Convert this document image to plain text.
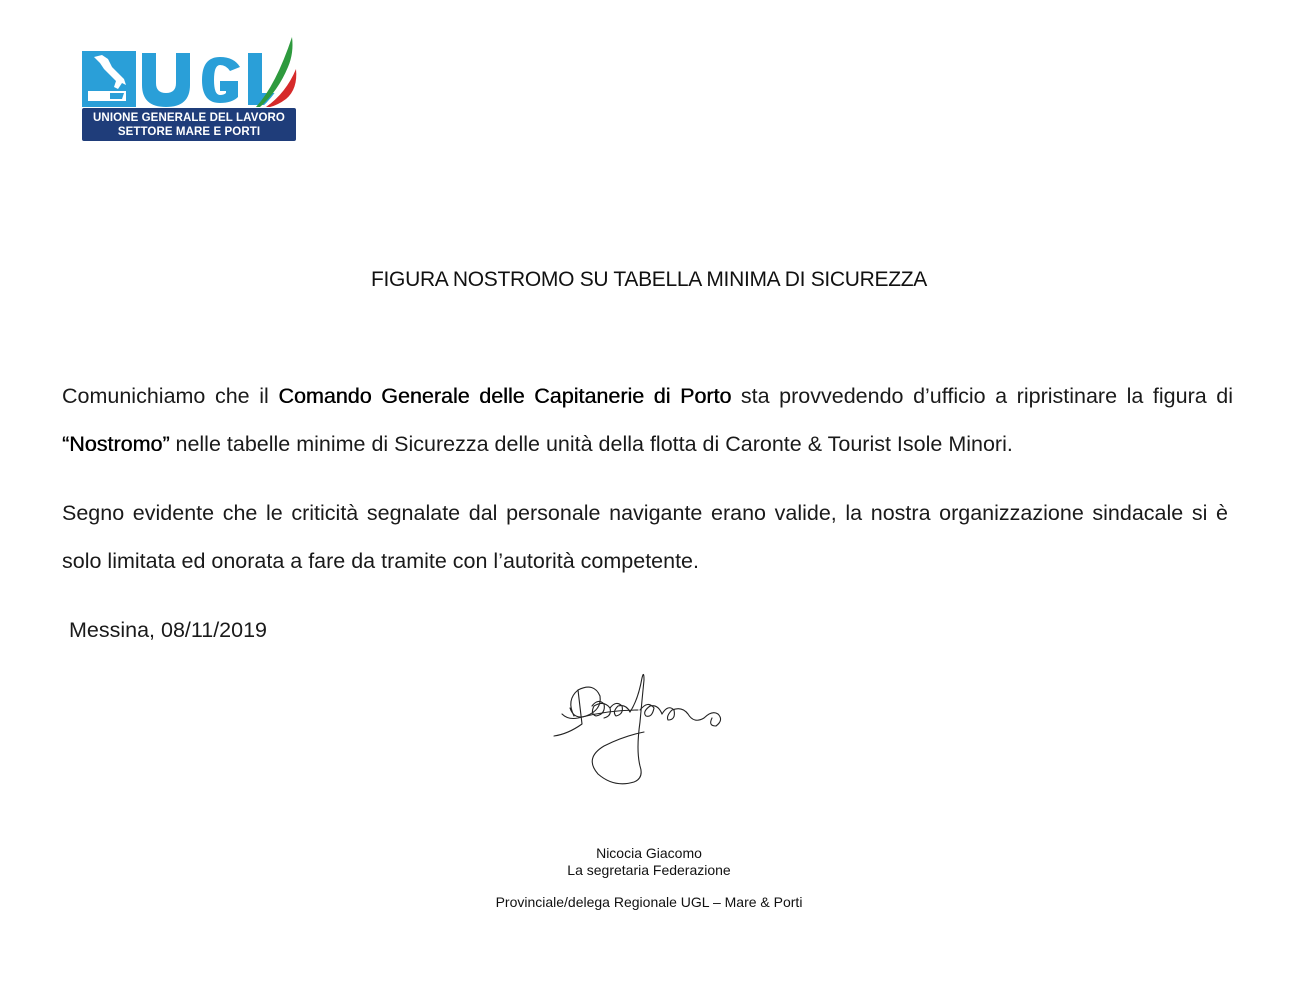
UNIONE GENERALE DEL LAVORO
SETTORE MARE E PORTI
FIGURA NOSTROMO SU TABELLA MINIMA DI SICUREZZA

Comunichiamo che il Comando Generale delle Capitanerie di Porto sta provvedendo d’ufficio a ripristinare la figura di “Nostromo” nelle tabelle minime di Sicurezza delle unità della flotta di Caronte & Tourist Isole Minori.

Segno evidente che le criticità segnalate dal personale navigante erano valide, la nostra organizzazione sindacale si è solo limitata ed onorata a fare da tramite con l’autorità competente.

Messina, 08/11/2019

Nicocia Giacomo
La segretaria Federazione
Provinciale/delega Regionale UGL – Mare & Porti
